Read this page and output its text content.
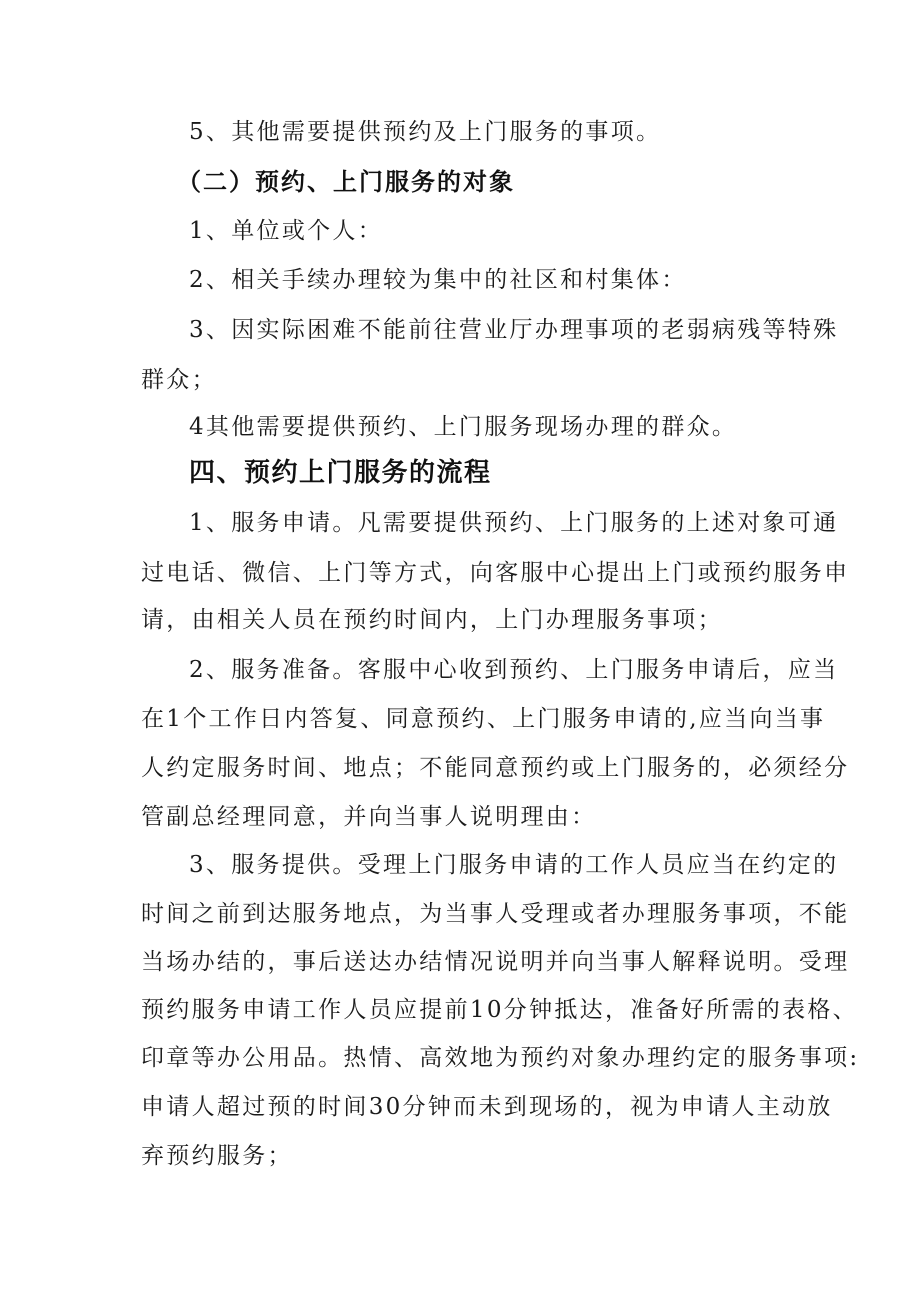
5、其他需要提供预约及上门服务的事项。
（二）预约、上门服务的对象
1、单位或个人：
2、相关手续办理较为集中的社区和村集体：
3、因实际困难不能前往营业厅办理事项的老弱病残等特殊
群众；
4其他需要提供预约、上门服务现场办理的群众。
四、预约上门服务的流程
1、服务申请。凡需要提供预约、上门服务的上述对象可通
过电话、微信、上门等方式，向客服中心提出上门或预约服务申
请，由相关人员在预约时间内，上门办理服务事项；
2、服务准备。客服中心收到预约、上门服务申请后，应当
在1个工作日内答复、同意预约、上门服务申请的,应当向当事
人约定服务时间、地点；不能同意预约或上门服务的，必须经分
管副总经理同意，并向当事人说明理由：
3、服务提供。受理上门服务申请的工作人员应当在约定的
时间之前到达服务地点，为当事人受理或者办理服务事项，不能
当场办结的，事后送达办结情况说明并向当事人解释说明。受理
预约服务申请工作人员应提前10分钟抵达，准备好所需的表格、
印章等办公用品。热情、高效地为预约对象办理约定的服务事项:
申请人超过预的时间30分钟而未到现场的，视为申请人主动放
弃预约服务；
